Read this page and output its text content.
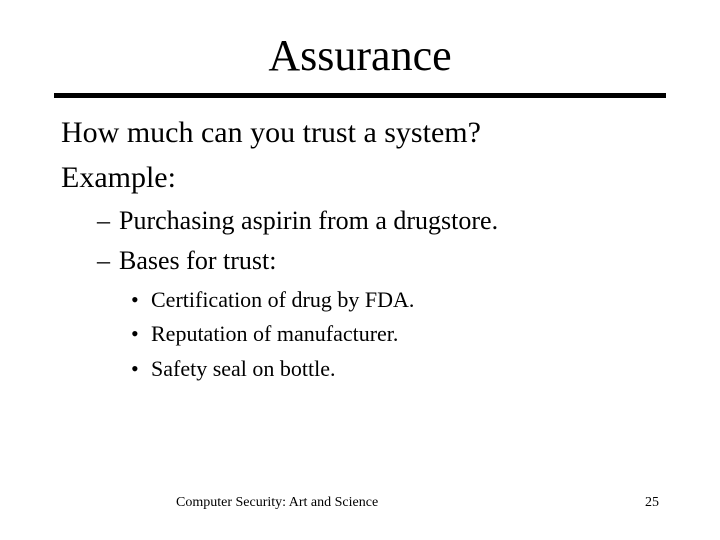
Assurance
How much can you trust a system?
Example:
– Purchasing aspirin from a drugstore.
– Bases for trust:
• Certification of drug by FDA.
• Reputation of manufacturer.
• Safety seal on bottle.
Computer Security: Art and Science	25
